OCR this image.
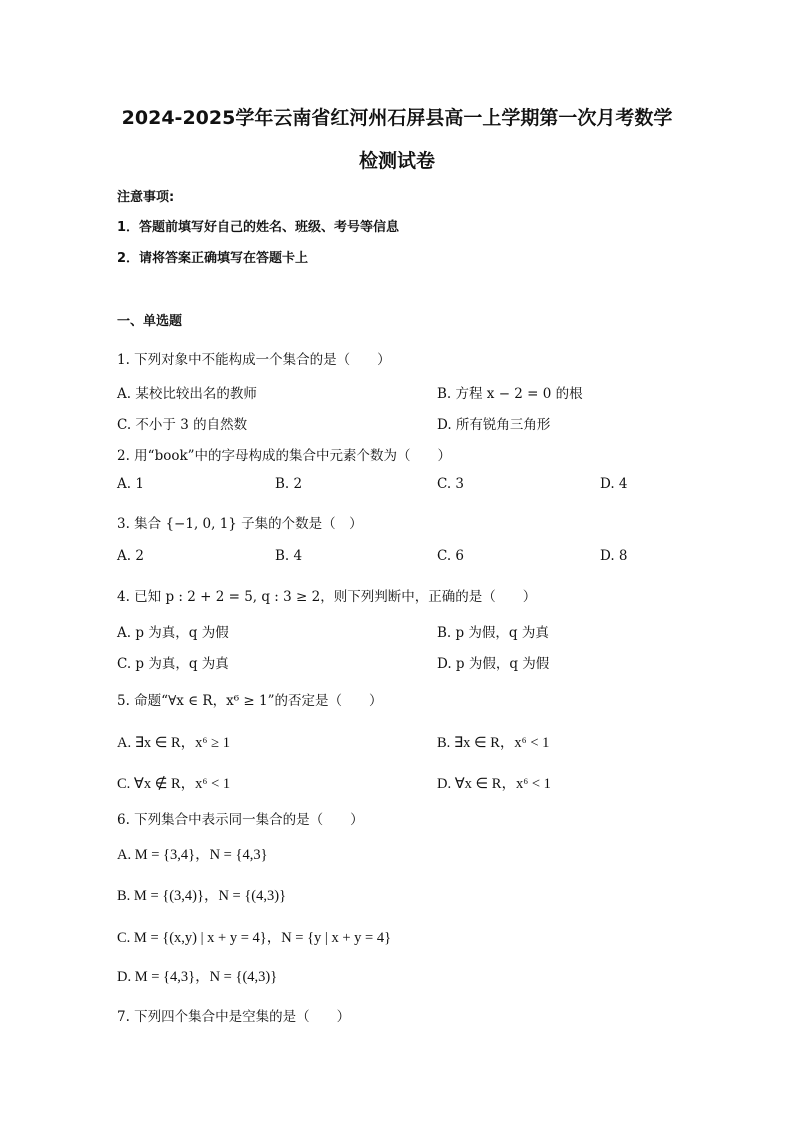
2024-2025学年云南省红河州石屏县高一上学期第一次月考数学
检测试卷
注意事项:
1．答题前填写好自己的姓名、班级、考号等信息
2．请将答案正确填写在答题卡上
一、单选题
1. 下列对象中不能构成一个集合的是（　　）
A. 某校比较出名的教师	B. 方程 x − 2 = 0 的根
C. 不小于 3 的自然数	D. 所有锐角三角形
2. 用“book”中的字母构成的集合中元素个数为（　　）
A. 1	B. 2	C. 3	D. 4
3. 集合 {−1, 0, 1} 子集的个数是（　）
A. 2	B. 4	C. 6	D. 8
4. 已知 p : 2 + 2 = 5, q : 3 ≥ 2，则下列判断中，正确的是（　　）
A. p 为真，q 为假	B. p 为假，q 为真
C. p 为真，q 为真	D. p 为假，q 为假
5. 命题“∀x ∈ R，x⁶ ≥ 1”的否定是（　　）
A. ∃x ∈ R，x⁶ ≥ 1	B. ∃x ∈ R，x⁶ < 1
C. ∀x ∉ R，x⁶ < 1	D. ∀x ∈ R，x⁶ < 1
6. 下列集合中表示同一集合的是（　　）
A. M = {3,4}，N = {4,3}
B. M = {(3,4)}，N = {(4,3)}
C. M = {(x,y) | x + y = 4}，N = {y | x + y = 4}
D. M = {4,3}，N = {(4,3)}
7. 下列四个集合中是空集的是（　　）
